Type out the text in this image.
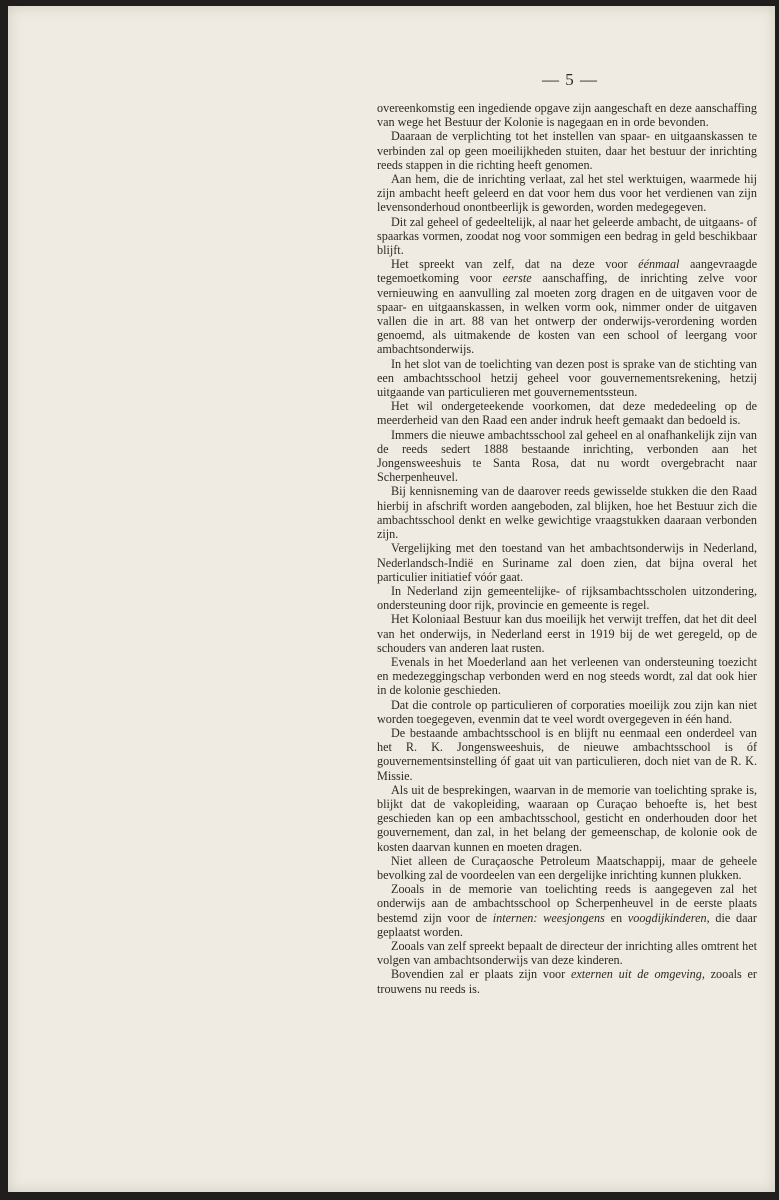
— 5 —

overeenkomstig een ingediende opgave zijn aangeschaft en deze aanschaffing van wege het Bestuur der Kolonie is nagegaan en in orde bevonden.

Daaraan de verplichting tot het instellen van spaar- en uitgaanskassen te verbinden zal op geen moeilijkheden stuiten, daar het bestuur der inrichting reeds stappen in die richting heeft genomen.

Aan hem, die de inrichting verlaat, zal het stel werktuigen, waarmede hij zijn ambacht heeft geleerd en dat voor hem dus voor het verdienen van zijn levensonderhoud onontbeerlijk is geworden, worden medegegeven.

Dit zal geheel of gedeeltelijk, al naar het geleerde ambacht, de uitgaans- of spaarkas vormen, zoodat nog voor sommigen een bedrag in geld beschikbaar blijft.

Het spreekt van zelf, dat na deze voor éénmaal aangevraagde tegemoetkoming voor eerste aanschaffing, de inrichting zelve voor vernieuwing en aanvulling zal moeten zorg dragen en de uitgaven voor de spaar- en uitgaanskassen, in welken vorm ook, nimmer onder de uitgaven vallen die in art. 88 van het ontwerp der onderwijs-verordening worden genoemd, als uitmakende de kosten van een school of leergang voor ambachtsonderwijs.

In het slot van de toelichting van dezen post is sprake van de stichting van een ambachtsschool hetzij geheel voor gouvernementsrekening, hetzij uitgaande van particulieren met gouvernementssteun.

Het wil ondergeteekende voorkomen, dat deze mededeeling op de meerderheid van den Raad een ander indruk heeft gemaakt dan bedoeld is.

Immers die nieuwe ambachtsschool zal geheel en al onafhankelijk zijn van de reeds sedert 1888 bestaande inrichting, verbonden aan het Jongensweeshuis te Santa Rosa, dat nu wordt overgebracht naar Scherpenheuvel.

Bij kennisneming van de daarover reeds gewisselde stukken die den Raad hierbij in afschrift worden aangeboden, zal blijken, hoe het Bestuur zich die ambachtsschool denkt en welke gewichtige vraagstukken daaraan verbonden zijn.

Vergelijking met den toestand van het ambachtsonderwijs in Nederland, Nederlandsch-Indië en Suriname zal doen zien, dat bijna overal het particulier initiatief vóór gaat.

In Nederland zijn gemeentelijke- of rijksambachtsscholen uitzondering, ondersteuning door rijk, provincie en gemeente is regel.

Het Koloniaal Bestuur kan dus moeilijk het verwijt treffen, dat het dit deel van het onderwijs, in Nederland eerst in 1919 bij de wet geregeld, op de schouders van anderen laat rusten.

Evenals in het Moederland aan het verleenen van ondersteuning toezicht en medezeggingschap verbonden werd en nog steeds wordt, zal dat ook hier in de kolonie geschieden.

Dat die controle op particulieren of corporaties moeilijk zou zijn kan niet worden toegegeven, evenmin dat te veel wordt overgegeven in één hand.

De bestaande ambachtsschool is en blijft nu eenmaal een onderdeel van het R. K. Jongensweeshuis, de nieuwe ambachtsschool is óf gouvernementsinstelling óf gaat uit van particulieren, doch niet van de R. K. Missie.

Als uit de besprekingen, waarvan in de memorie van toelichting sprake is, blijkt dat de vakopleiding, waaraan op Curaçao behoefte is, het best geschieden kan op een ambachtsschool, gesticht en onderhouden door het gouvernement, dan zal, in het belang der gemeenschap, de kolonie ook de kosten daarvan kunnen en moeten dragen.

Niet alleen de Curaçaosche Petroleum Maatschappij, maar de geheele bevolking zal de voordeelen van een dergelijke inrichting kunnen plukken.

Zooals in de memorie van toelichting reeds is aangegeven zal het onderwijs aan de ambachtsschool op Scherpenheuvel in de eerste plaats bestemd zijn voor de internen: weesjongens en voogdijkinderen, die daar geplaatst worden.

Zooals van zelf spreekt bepaalt de directeur der inrichting alles omtrent het volgen van ambachtsonderwijs van deze kinderen.

Bovendien zal er plaats zijn voor externen uit de omgeving, zooals er trouwens nu reeds is.
